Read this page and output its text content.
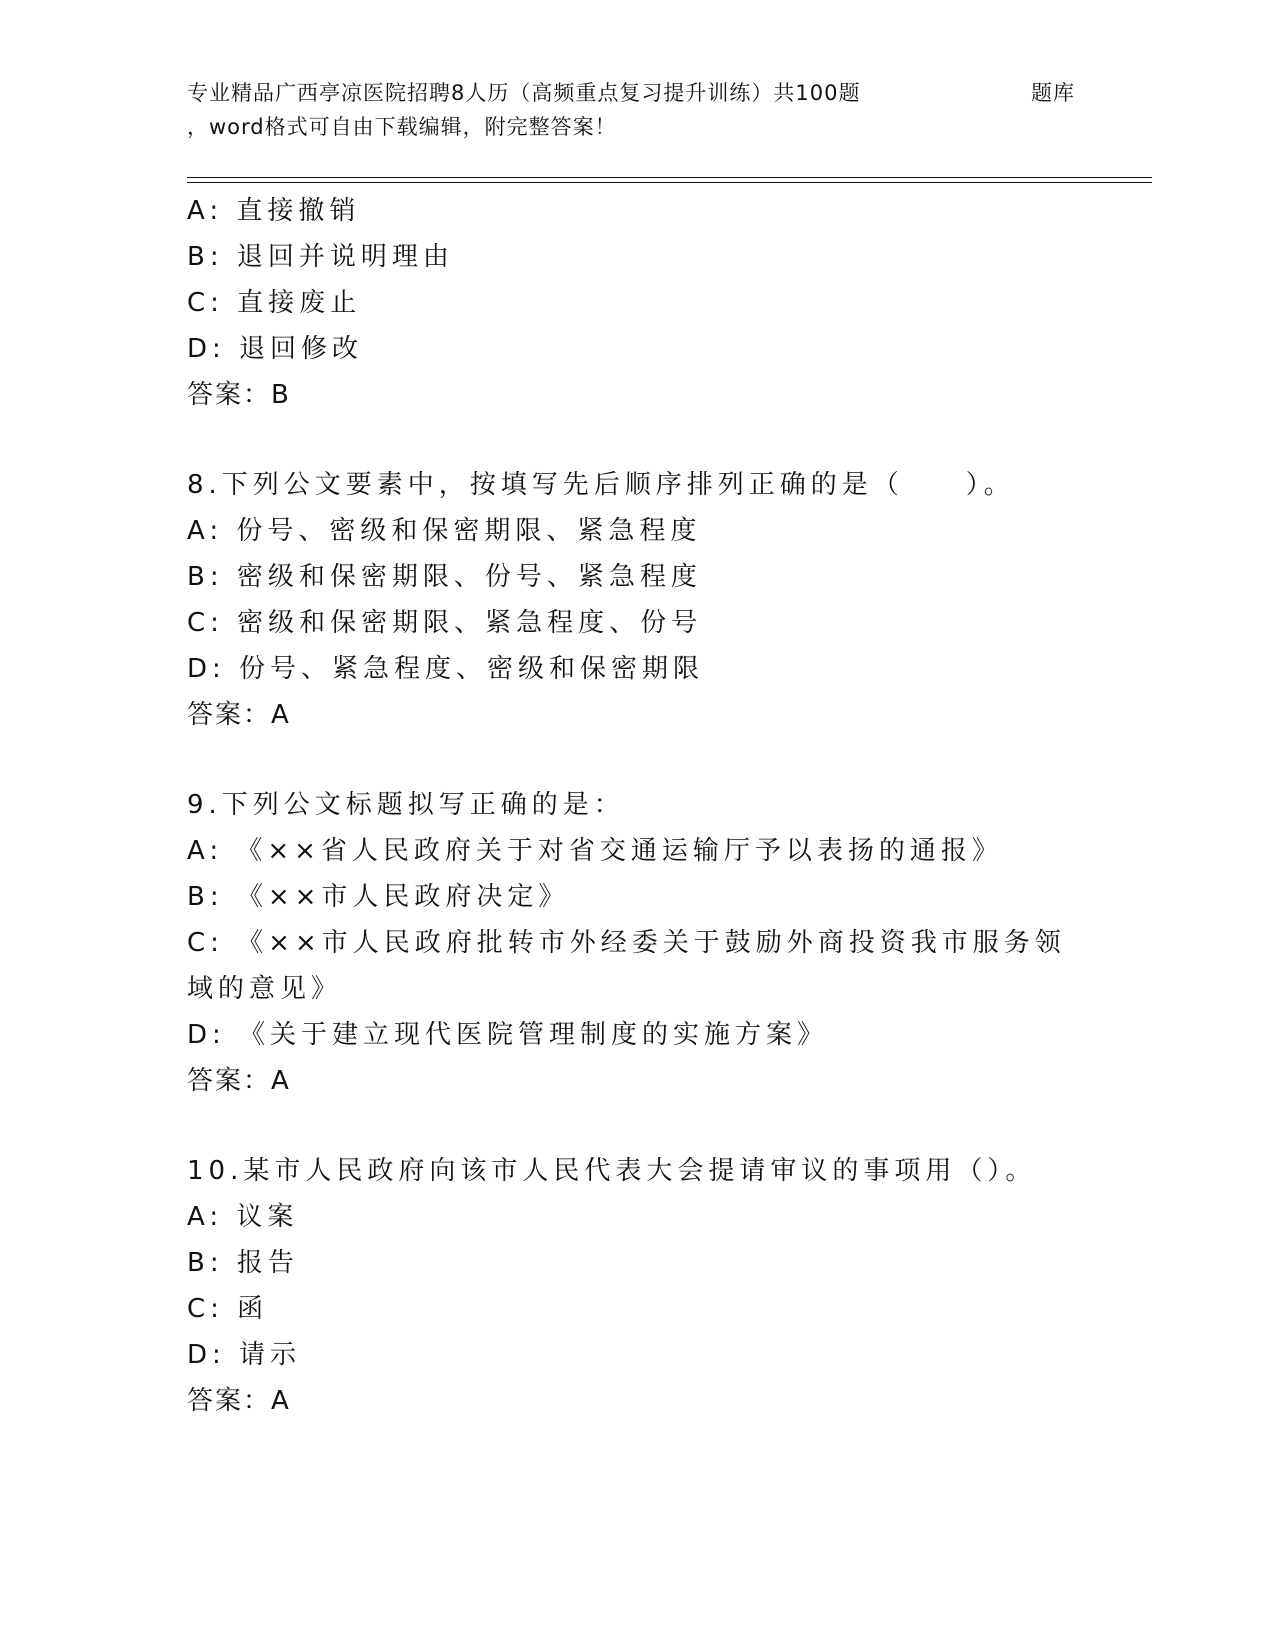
专业精品广西亭凉医院招聘8人历（高频重点复习提升训练）共100题
，word格式可自由下载编辑，附完整答案！
题库
A: 直接撤销
B: 退回并说明理由
C: 直接废止
D: 退回修改
答案：B
8.下列公文要素中，按填写先后顺序排列正确的是（　　）。
A: 份号、密级和保密期限、紧急程度
B: 密级和保密期限、份号、紧急程度
C: 密级和保密期限、紧急程度、份号
D: 份号、紧急程度、密级和保密期限
答案：A
9.下列公文标题拟写正确的是：
A: 《××省人民政府关于对省交通运输厅予以表扬的通报》
B: 《××市人民政府决定》
C: 《××市人民政府批转市外经委关于鼓励外商投资我市服务领域的意见》
D: 《关于建立现代医院管理制度的实施方案》
答案：A
10.某市人民政府向该市人民代表大会提请审议的事项用（）。
A: 议案
B: 报告
C: 函
D: 请示
答案：A
